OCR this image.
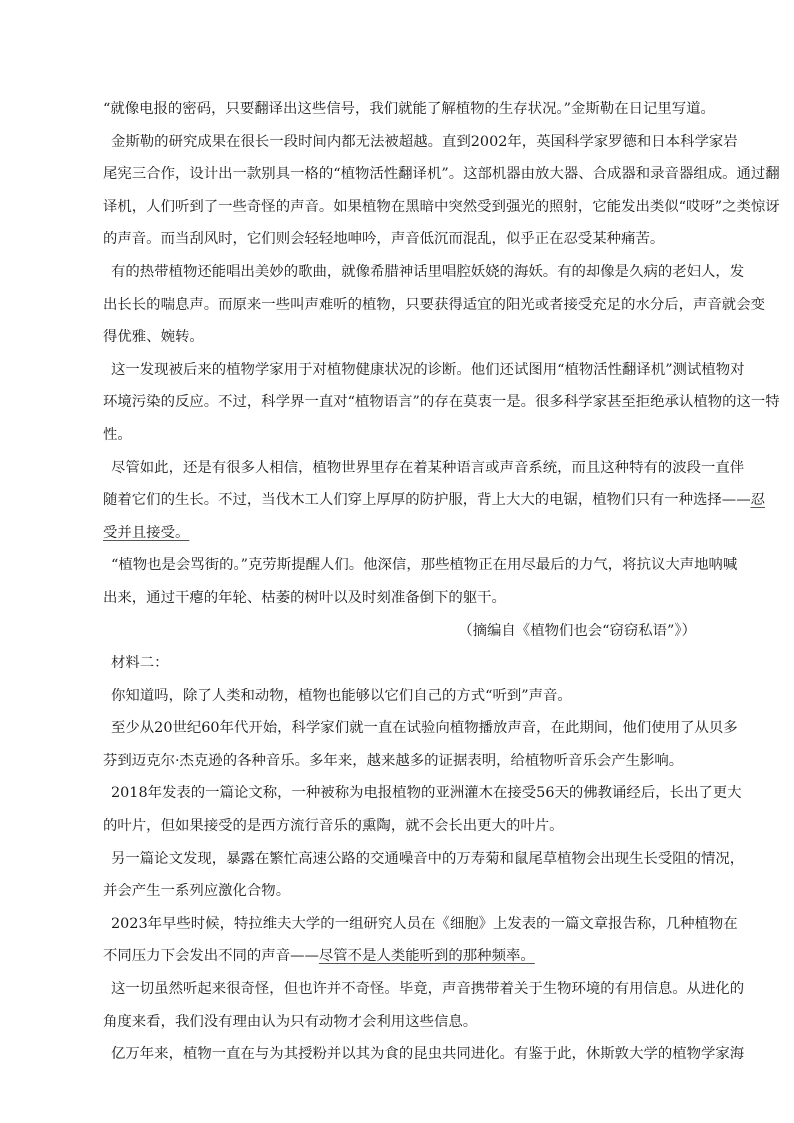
“就像电报的密码，只要翻译出这些信号，我们就能了解植物的生存状况。”金斯勒在日记里写道。
金斯勒的研究成果在很长一段时间内都无法被超越。直到2002年，英国科学家罗德和日本科学家岩
尾宪三合作，设计出一款别具一格的“植物活性翻译机”。这部机器由放大器、合成器和录音器组成。通过翻
译机，人们听到了一些奇怪的声音。如果植物在黑暗中突然受到强光的照射，它能发出类似“哎呀”之类惊讶
的声音。而当刮风时，它们则会轻轻地呻吟，声音低沉而混乱，似乎正在忍受某种痛苦。
有的热带植物还能唱出美妙的歌曲，就像希腊神话里唱腔妖娆的海妖。有的却像是久病的老妇人，发
出长长的喘息声。而原来一些叫声难听的植物，只要获得适宜的阳光或者接受充足的水分后，声音就会变
得优雅、婉转。
这一发现被后来的植物学家用于对植物健康状况的诊断。他们还试图用“植物活性翻译机”测试植物对
环境污染的反应。不过，科学界一直对“植物语言”的存在莫衷一是。很多科学家甚至拒绝承认植物的这一特
性。
尽管如此，还是有很多人相信，植物世界里存在着某种语言或声音系统，而且这种特有的波段一直伴
随着它们的生长。不过，当伐木工人们穿上厚厚的防护服，背上大大的电锯，植物们只有一种选择——忍
受并且接受。
“植物也是会骂街的。”克劳斯提醒人们。他深信，那些植物正在用尽最后的力气，将抗议大声地呐喊
出来，通过干瘪的年轮、枯萎的树叶以及时刻准备倒下的躯干。
（摘编自《植物们也会“窃窃私语”》）
材料二：
你知道吗，除了人类和动物，植物也能够以它们自己的方式“听到”声音。
至少从20世纪60年代开始，科学家们就一直在试验向植物播放声音，在此期间，他们使用了从贝多
芬到迈克尔·杰克逊的各种音乐。多年来，越来越多的证据表明，给植物听音乐会产生影响。
2018年发表的一篇论文称，一种被称为电报植物的亚洲灌木在接受56天的佛教诵经后，长出了更大
的叶片，但如果接受的是西方流行音乐的熏陶，就不会长出更大的叶片。
另一篇论文发现，暴露在繁忙高速公路的交通噪音中的万寿菊和鼠尾草植物会出现生长受阻的情况，
并会产生一系列应激化合物。
2023年早些时候，特拉维夫大学的一组研究人员在《细胞》上发表的一篇文章报告称，几种植物在
不同压力下会发出不同的声音——尽管不是人类能听到的那种频率。
这一切虽然听起来很奇怪，但也许并不奇怪。毕竟，声音携带着关于生物环境的有用信息。从进化的
角度来看，我们没有理由认为只有动物才会利用这些信息。
亿万年来，植物一直在与为其授粉并以其为食的昆虫共同进化。有鉴于此，休斯敦大学的植物学家海
